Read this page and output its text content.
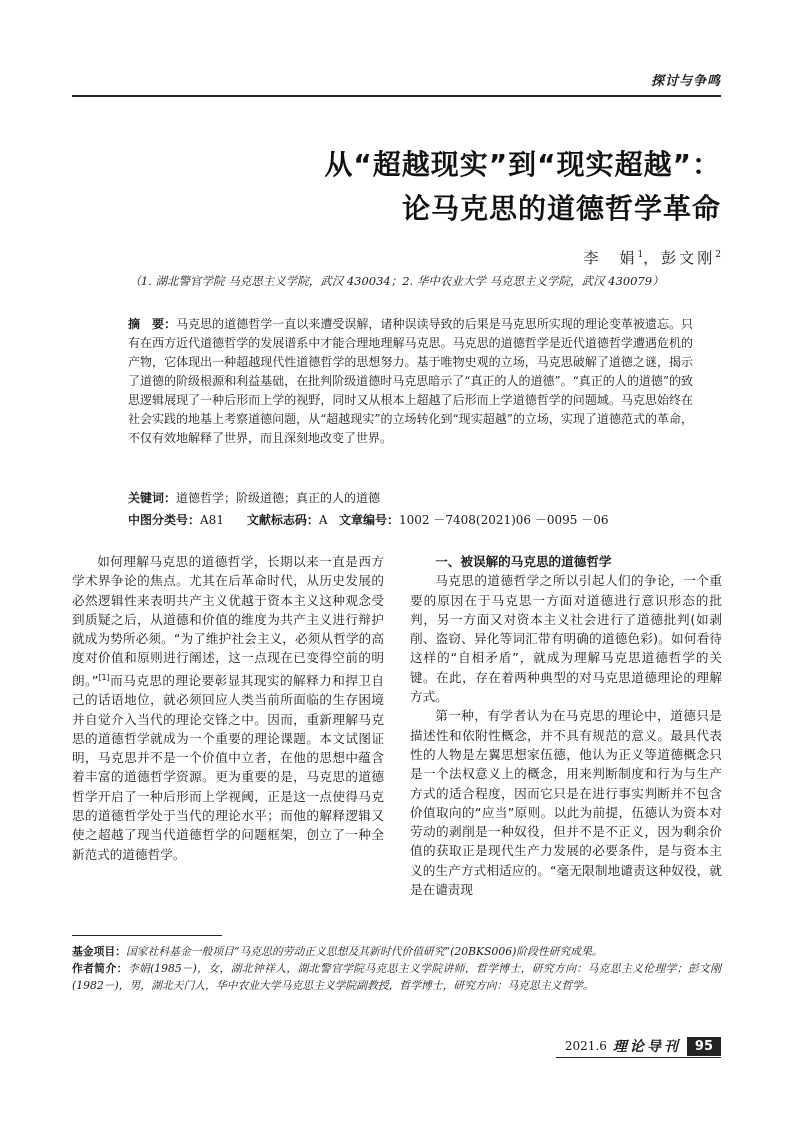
探讨与争鸣
从“超越现实”到“现实超越”：
论马克思的道德哲学革命
李　娟$^1$，彭文刚$^2$
（1. 湖北警官学院 马克思主义学院，武汉 430034；2. 华中农业大学 马克思主义学院，武汉 430079）
摘　要：马克思的道德哲学一直以来遭受误解，诸种误读导致的后果是马克思所实现的理论变革被遗忘。只有在西方近代道德哲学的发展谱系中才能合理地理解马克思。马克思的道德哲学是近代道德哲学遭遇危机的产物，它体现出一种超越现代性道德哲学的思想努力。基于唯物史观的立场，马克思破解了道德之谜，揭示了道德的阶级根源和利益基础，在批判阶级道德时马克思暗示了“真正的人的道德”。“真正的人的道德”的致思逻辑展现了一种后形而上学的视野，同时又从根本上超越了后形而上学道德哲学的问题域。马克思始终在社会实践的地基上考察道德问题，从“超越现实”的立场转化到“现实超越”的立场，实现了道德范式的革命，不仅有效地解释了世界，而且深刻地改变了世界。
关键词：道德哲学；阶级道德；真正的人的道德
中图分类号：A81 文献标志码：A 文章编号：1002 －7408(2021)06 －0095 －06

如何理解马克思的道德哲学，长期以来一直是西方学术界争论的焦点。尤其在后革命时代，从历史发展的必然逻辑性来表明共产主义优越于资本主义这种观念受到质疑之后，从道德和价值的维度为共产主义进行辩护就成为势所必须。“为了维护社会主义，必须从哲学的高度对价值和原则进行阐述，这一点现在已变得空前的明朗。”[1]而马克思的理论要彰显其现实的解释力和捍卫自己的话语地位，就必须回应人类当前所面临的生存困境并自觉介入当代的理论交锋之中。因而，重新理解马克思的道德哲学就成为一个重要的理论课题。本文试图证明，马克思并不是一个价值中立者，在他的思想中蕴含着丰富的道德哲学资源。更为重要的是，马克思的道德哲学开启了一种后形而上学视阈，正是这一点使得马克思的道德哲学处于当代的理论水平；而他的解释逻辑又使之超越了现当代道德哲学的问题框架，创立了一种全新范式的道德哲学。

一、被误解的马克思的道德哲学

马克思的道德哲学之所以引起人们的争论，一个重要的原因在于马克思一方面对道德进行意识形态的批判，另一方面又对资本主义社会进行了道德批判(如剥削、盗窃、异化等词汇带有明确的道德色彩)。如何看待这样的“自相矛盾”，就成为理解马克思道德哲学的关键。在此，存在着两种典型的对马克思道德理论的理解方式。

第一种，有学者认为在马克思的理论中，道德只是描述性和依附性概念，并不具有规范的意义。最具代表性的人物是左翼思想家伍德，他认为正义等道德概念只是一个法权意义上的概念，用来判断制度和行为与生产方式的适合程度，因而它只是在进行事实判断并不包含价值取向的“应当”原则。以此为前提，伍德认为资本对劳动的剥削是一种奴役，但并不是不正义，因为剩余价值的获取正是现代生产力发展的必要条件，是与资本主义的生产方式相适应的。“毫无限制地谴责这种奴役，就是在谴责现

基金项目：国家社科基金一般项目“马克思的劳动正义思想及其新时代价值研究”(20BKS006)阶段性研究成果。
作者简介：李娟(1985－)，女，湖北钟祥人，湖北警官学院马克思主义学院讲师，哲学博士，研究方向：马克思主义伦理学；彭文刚(1982－)，男，湖北天门人，华中农业大学马克思主义学院副教授，哲学博士，研究方向：马克思主义哲学。
2021.6 理论导刊	95
